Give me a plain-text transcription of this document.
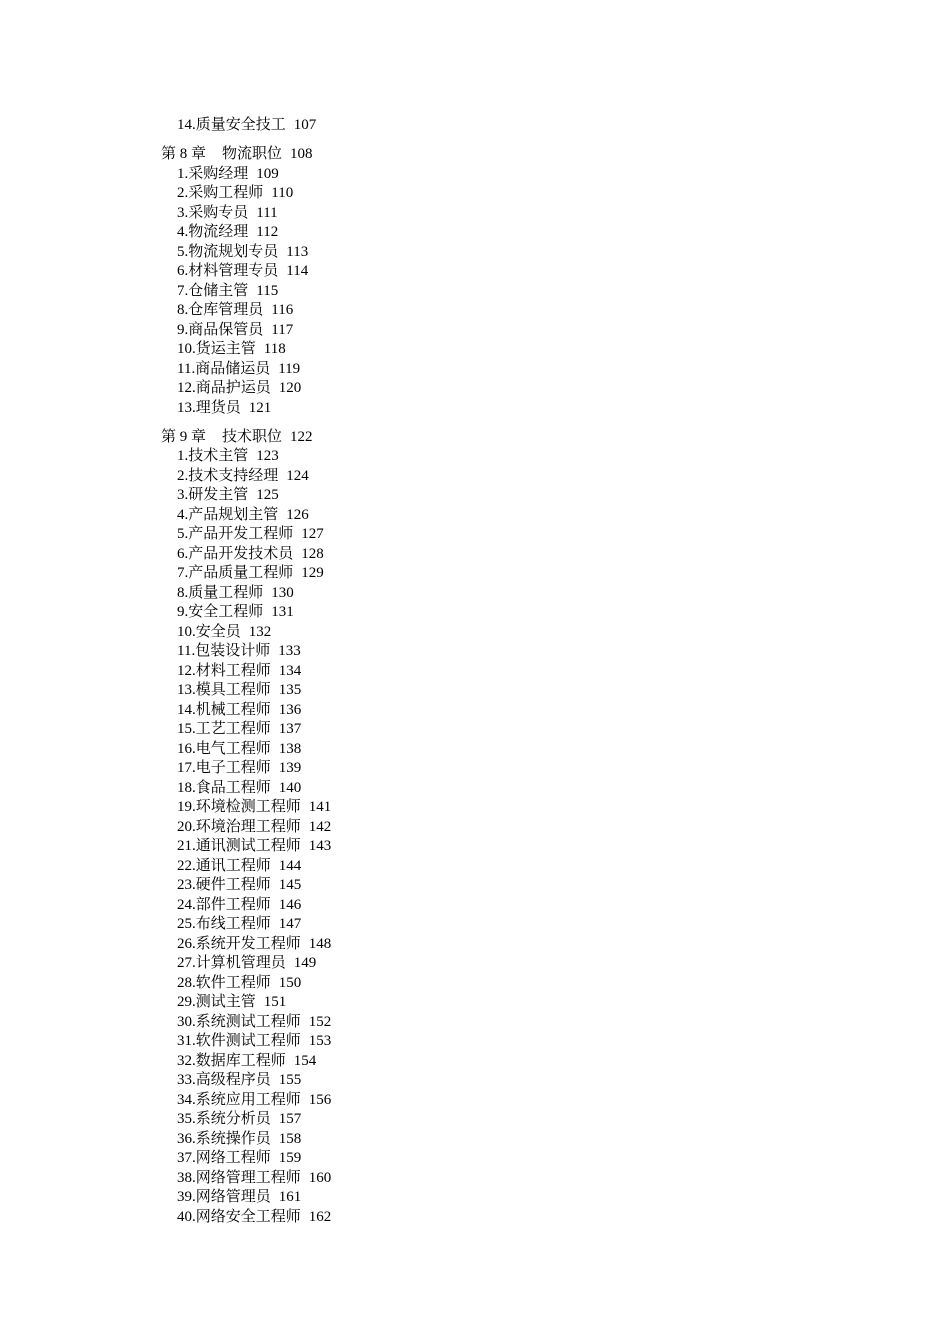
14.质量安全技工 107
第 8 章 物流职位 108
1.采购经理 109
2.采购工程师 110
3.采购专员 111
4.物流经理 112
5.物流规划专员 113
6.材料管理专员 114
7.仓储主管 115
8.仓库管理员 116
9.商品保管员 117
10.货运主管 118
11.商品储运员 119
12.商品护运员 120
13.理货员 121
第 9 章 技术职位 122
1.技术主管 123
2.技术支持经理 124
3.研发主管 125
4.产品规划主管 126
5.产品开发工程师 127
6.产品开发技术员 128
7.产品质量工程师 129
8.质量工程师 130
9.安全工程师 131
10.安全员 132
11.包装设计师 133
12.材料工程师 134
13.模具工程师 135
14.机械工程师 136
15.工艺工程师 137
16.电气工程师 138
17.电子工程师 139
18.食品工程师 140
19.环境检测工程师 141
20.环境治理工程师 142
21.通讯测试工程师 143
22.通讯工程师 144
23.硬件工程师 145
24.部件工程师 146
25.布线工程师 147
26.系统开发工程师 148
27.计算机管理员 149
28.软件工程师 150
29.测试主管 151
30.系统测试工程师 152
31.软件测试工程师 153
32.数据库工程师 154
33.高级程序员 155
34.系统应用工程师 156
35.系统分析员 157
36.系统操作员 158
37.网络工程师 159
38.网络管理工程师 160
39.网络管理员 161
40.网络安全工程师 162
